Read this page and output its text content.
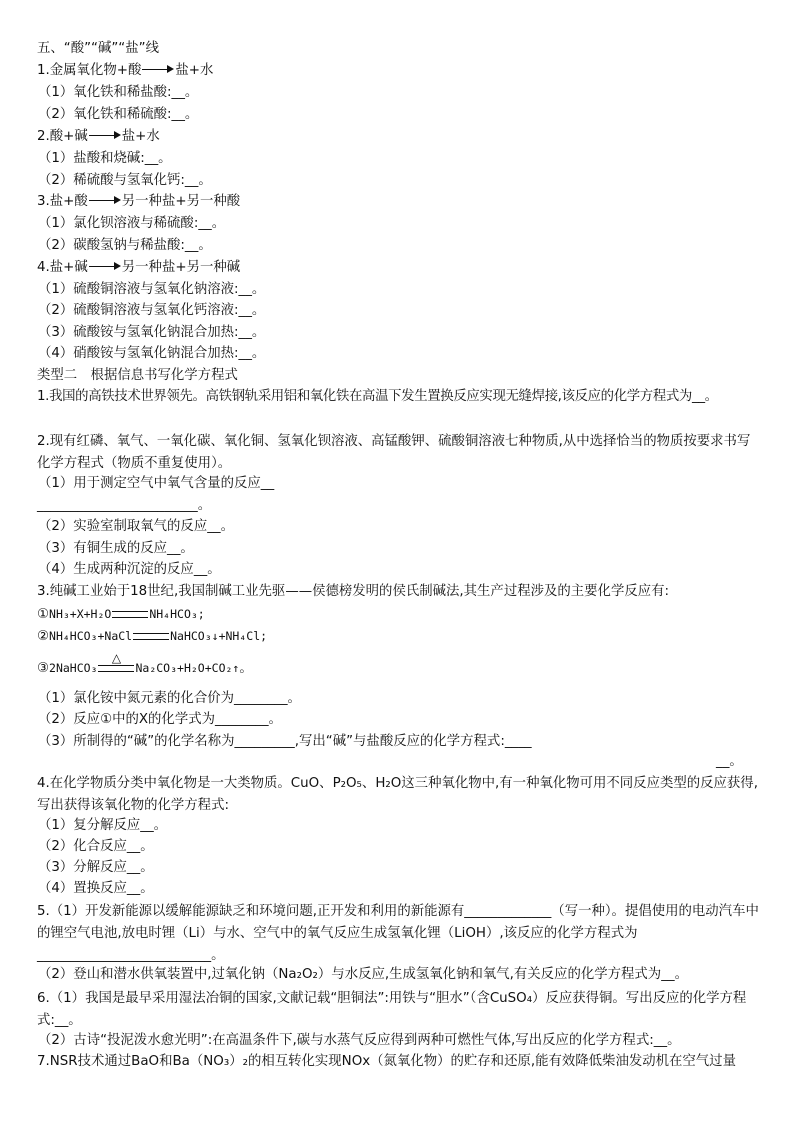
五、“酸”“碱”“盐”线
1.金属氧化物+酸	盐+水
（1）氧化铁和稀盐酸:__。
（2）氧化铁和稀硫酸:__。
2.酸+碱	盐+水
（1）盐酸和烧碱:__。
（2）稀硫酸与氢氧化钙:__。
3.盐+酸	另一种盐+另一种酸
（1）氯化钡溶液与稀硫酸:__。
（2）碳酸氢钠与稀盐酸:__。
4.盐+碱	另一种盐+另一种碱
（1）硫酸铜溶液与氢氧化钠溶液:__。
（2）硫酸铜溶液与氢氧化钙溶液:__。
（3）硫酸铵与氢氧化钠混合加热:__。
（4）硝酸铵与氢氧化钠混合加热:__。
类型二　根据信息书写化学方程式
1.我国的高铁技术世界领先。高铁钢轨采用铝和氧化铁在高温下发生置换反应实现无缝焊接,该反应的化学方程式为__。
2.现有红磷、氧气、一氧化碳、氧化铜、氢氧化钡溶液、高锰酸钾、硫酸铜溶液七种物质,从中选择恰当的物质按要求书写化学方程式（物质不重复使用）。
（1）用于测定空气中氧气含量的反应__
________________________。
（2）实验室制取氧气的反应__。
（3）有铜生成的反应__。
（4）生成两种沉淀的反应__。
3.纯碱工业始于18世纪,我国制碱工业先驱——侯德榜发明的侯氏制碱法,其生产过程涉及的主要化学反应有:
①NH₃+X+H₂O	NH₄HCO₃;
②NH₄HCO₃+NaCl	NaHCO₃↓+NH₄Cl;
③2NaHCO₃
△
Na₂CO₃+H₂O+CO₂↑。
（1）氯化铵中氮元素的化合价为________。
（2）反应①中的X的化学式为________。
（3）所制得的“碱”的化学名称为_________,写出“碱”与盐酸反应的化学方程式:____
__。
4.在化学物质分类中氧化物是一大类物质。CuO、P₂O₅、H₂O这三种氧化物中,有一种氧化物可用不同反应类型的反应获得,写出获得该氧化物的化学方程式:
（1）复分解反应__。
（2）化合反应__。
（3）分解反应__。
（4）置换反应__。
5.（1）开发新能源以缓解能源缺乏和环境问题,正开发和利用的新能源有_____________（写一种）。提倡使用的电动汽车中的锂空气电池,放电时锂（Li）与水、空气中的氧气反应生成氢氧化锂（LiOH）,该反应的化学方程式为__________________________。
（2）登山和潜水供氧装置中,过氧化钠（Na₂O₂）与水反应,生成氢氧化钠和氧气,有关反应的化学方程式为__。
6.（1）我国是最早采用湿法冶铜的国家,文献记载“胆铜法”:用铁与“胆水”（含CuSO₄）反应获得铜。写出反应的化学方程式:__。
（2）古诗“投泥泼水愈光明”:在高温条件下,碳与水蒸气反应得到两种可燃性气体,写出反应的化学方程式:__。
7.NSR技术通过BaO和Ba（NO₃）₂的相互转化实现NOx（氮氧化物）的贮存和还原,能有效降低柴油发动机在空气过量
